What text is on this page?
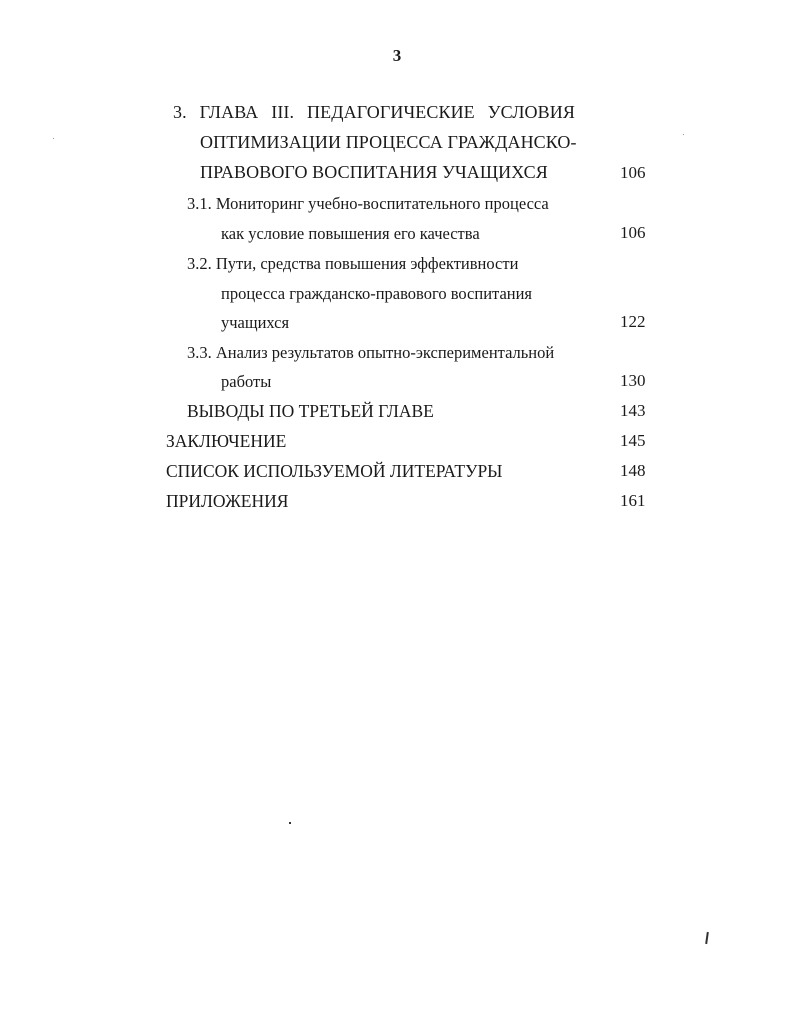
3
3. ГЛАВА III. ПЕДАГОГИЧЕСКИЕ УСЛОВИЯ
ОПТИМИЗАЦИИ ПРОЦЕССА ГРАЖДАНСКО-
ПРАВОВОГО ВОСПИТАНИЯ УЧАЩИХСЯ	106
3.1. Мониторинг учебно-воспитательного процесса
как условие повышения его качества	106
3.2. Пути, средства повышения эффективности
процесса гражданско-правового воспитания
учащихся	122
3.3. Анализ результатов опытно-экспериментальной
работы	130
ВЫВОДЫ ПО ТРЕТЬЕЙ ГЛАВЕ	143
ЗАКЛЮЧЕНИЕ	145
СПИСОК ИСПОЛЬЗУЕМОЙ ЛИТЕРАТУРЫ	148
ПРИЛОЖЕНИЯ	161
